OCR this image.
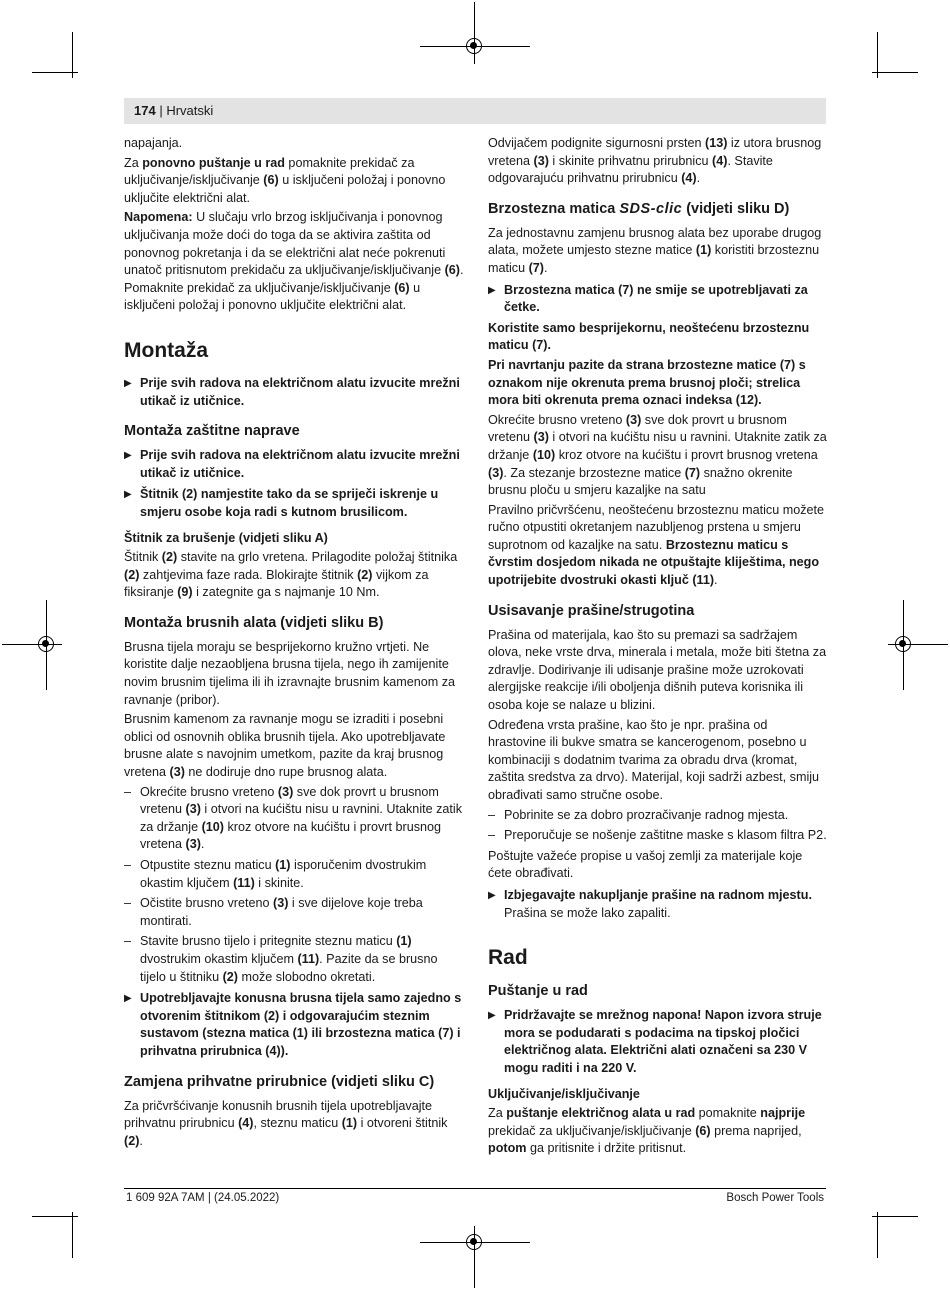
174 | Hrvatski

napajanja.

Za ponovno puštanje u rad pomaknite prekidač za uključivanje/isključivanje (6) u isključeni položaj i ponovno uključite električni alat.

Napomena: U slučaju vrlo brzog isključivanja i ponovnog uključivanja može doći do toga da se aktivira zaštita od ponovnog pokretanja i da se električni alat neće pokrenuti unatoč pritisnutom prekidaču za uključivanje/isključivanje (6). Pomaknite prekidač za uključivanje/isključivanje (6) u isključeni položaj i ponovno uključite električni alat.

Montaža
▶ Prije svih radova na električnom alatu izvucite mrežni utikač iz utičnice.
Montaža zaštitne naprave
▶ Prije svih radova na električnom alatu izvucite mrežni utikač iz utičnice.
▶ Štitnik (2) namjestite tako da se spriječi iskrenje u smjeru osobe koja radi s kutnom brusilicom.
Štitnik za brušenje (vidjeti sliku A)

Štitnik (2) stavite na grlo vretena. Prilagodite položaj štitnika (2) zahtjevima faze rada. Blokirajte štitnik (2) vijkom za fiksiranje (9) i zategnite ga s najmanje 10 Nm.

Montaža brusnih alata (vidjeti sliku B)

Brusna tijela moraju se besprijekorno kružno vrtjeti. Ne koristite dalje nezaobljena brusna tijela, nego ih zamijenite novim brusnim tijelima ili ih izravnajte brusnim kamenom za ravnanje (pribor).

Brusnim kamenom za ravnanje mogu se izraditi i posebni oblici od osnovnih oblika brusnih tijela. Ako upotrebljavate brusne alate s navojnim umetkom, pazite da kraj brusnog vretena (3) ne dodiruje dno rupe brusnog alata.

– Okrećite brusno vreteno (3) sve dok provrt u brusnom vretenu (3) i otvori na kućištu nisu u ravnini. Utaknite zatik za držanje (10) kroz otvore na kućištu i provrt brusnog vretena (3).
– Otpustite steznu maticu (1) isporučenim dvostrukim okastim ključem (11) i skinite.
– Očistite brusno vreteno (3) i sve dijelove koje treba montirati.
– Stavite brusno tijelo i pritegnite steznu maticu (1) dvostrukim okastim ključem (11). Pazite da se brusno tijelo u štitniku (2) može slobodno okretati.
▶ Upotrebljavajte konusna brusna tijela samo zajedno s otvorenim štitnikom (2) i odgovarajućim steznim sustavom (stezna matica (1) ili brzostezna matica (7) i prihvatna prirubnica (4)).
Zamjena prihvatne prirubnice (vidjeti sliku C)

Za pričvršćivanje konusnih brusnih tijela upotrebljavajte prihvatnu prirubnicu (4), steznu maticu (1) i otvoreni štitnik (2).

Odvijačem podignite sigurnosni prsten (13) iz utora brusnog vretena (3) i skinite prihvatnu prirubnicu (4). Stavite odgovarajuću prihvatnu prirubnicu (4).

Brzostezna matica SDS-clic (vidjeti sliku D)

Za jednostavnu zamjenu brusnog alata bez uporabe drugog alata, možete umjesto stezne matice (1) koristiti brzosteznu maticu (7).

▶ Brzostezna matica (7) ne smije se upotrebljavati za četke.

Koristite samo besprijekornu, neoštećenu brzosteznu maticu (7).

Pri navrtanju pazite da strana brzostezne matice (7) s oznakom nije okrenuta prema brusnoj ploči; strelica mora biti okrenuta prema oznaci indeksa (12).

Okrećite brusno vreteno (3) sve dok provrt u brusnom vretenu (3) i otvori na kućištu nisu u ravnini. Utaknite zatik za držanje (10) kroz otvore na kućištu i provrt brusnog vretena (3). Za stezanje brzostezne matice (7) snažno okrenite brusnu ploču u smjeru kazaljke na satu

Pravilno pričvršćenu, neoštećenu brzosteznu maticu možete ručno otpustiti okretanjem nazubljenog prstena u smjeru suprotnom od kazaljke na satu. Brzosteznu maticu s čvrstim dosjedom nikada ne otpuštajte kliještima, nego upotrijebite dvostruki okasti ključ (11).

Usisavanje prašine/strugotina

Prašina od materijala, kao što su premazi sa sadržajem olova, neke vrste drva, minerala i metala, može biti štetna za zdravlje. Dodirivanje ili udisanje prašine može uzrokovati alergijske reakcije i/ili oboljenja dišnih puteva korisnika ili osoba koje se nalaze u blizini.

Određena vrsta prašine, kao što je npr. prašina od hrastovine ili bukve smatra se kancerogenom, posebno u kombinaciji s dodatnim tvarima za obradu drva (kromat, zaštita sredstva za drvo). Materijal, koji sadrži azbest, smiju obrađivati samo stručne osobe.

– Pobrinite se za dobro prozračivanje radnog mjesta.
– Preporučuje se nošenje zaštitne maske s klasom filtra P2.

Poštujte važeće propise u vašoj zemlji za materijale koje ćete obrađivati.

▶ Izbjegavajte nakupljanje prašine na radnom mjestu. Prašina se može lako zapaliti.
Rad
Puštanje u rad
▶ Pridržavajte se mrežnog napona! Napon izvora struje mora se podudarati s podacima na tipskoj pločici električnog alata. Električni alati označeni sa 230 V mogu raditi i na 220 V.
Uključivanje/isključivanje

Za puštanje električnog alata u rad pomaknite najprije prekidač za uključivanje/isključivanje (6) prema naprijed, potom ga pritisnite i držite pritisnut.

1 609 92A 7AM | (24.05.2022)	Bosch Power Tools
